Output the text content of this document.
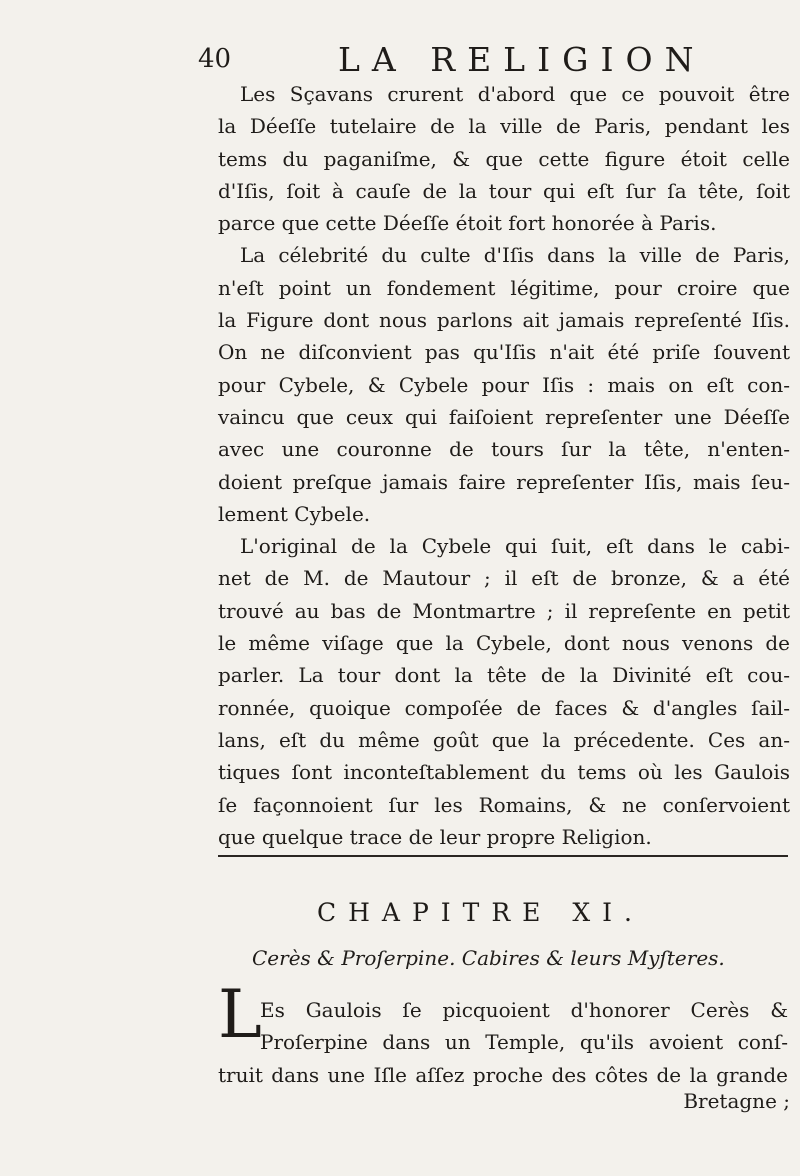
40	LA RELIGION
Les Sçavans crurent d'abord que ce pouvoit être
la Déeſſe tutelaire de la ville de Paris, pendant les
tems du paganiſme, & que cette figure étoit celle
d'Iſis, ſoit à cauſe de la tour qui eſt ſur ſa tête, ſoit
parce que cette Déeſſe étoit fort honorée à Paris.
La célebrité du culte d'Iſis dans la ville de Paris,
n'eſt point un fondement légitime, pour croire que
la Figure dont nous parlons ait jamais repreſenté Iſis.
On ne diſconvient pas qu'Iſis n'ait été priſe ſouvent
pour Cybele, & Cybele pour Iſis : mais on eſt con-
vaincu que ceux qui faiſoient repreſenter une Déeſſe
avec une couronne de tours ſur la tête, n'enten-
doient preſque jamais faire repreſenter Iſis, mais ſeu-
lement Cybele.
L'original de la Cybele qui ſuit, eſt dans le cabi-
net de M. de Mautour ; il eſt de bronze, & a été
trouvé au bas de Montmartre ; il repreſente en petit
le même viſage que la Cybele, dont nous venons de
parler. La tour dont la tête de la Divinité eſt cou-
ronnée, quoique compoſée de faces & d'angles ſail-
lans, eſt du même goût que la précedente. Ces an-
tiques ſont inconteſtablement du tems où les Gaulois
ſe façonnoient ſur les Romains, & ne conſervoient
que quelque trace de leur propre Religion.
CHAPITRE XI.
Cerès & Proſerpine. Cabires & leurs Myſteres.
L
Es Gaulois ſe picquoient d'honorer Cerès &
Proſerpine dans un Temple, qu'ils avoient conſ-
truit dans une Iſle aſſez proche des côtes de la grande
Bretagne ;
